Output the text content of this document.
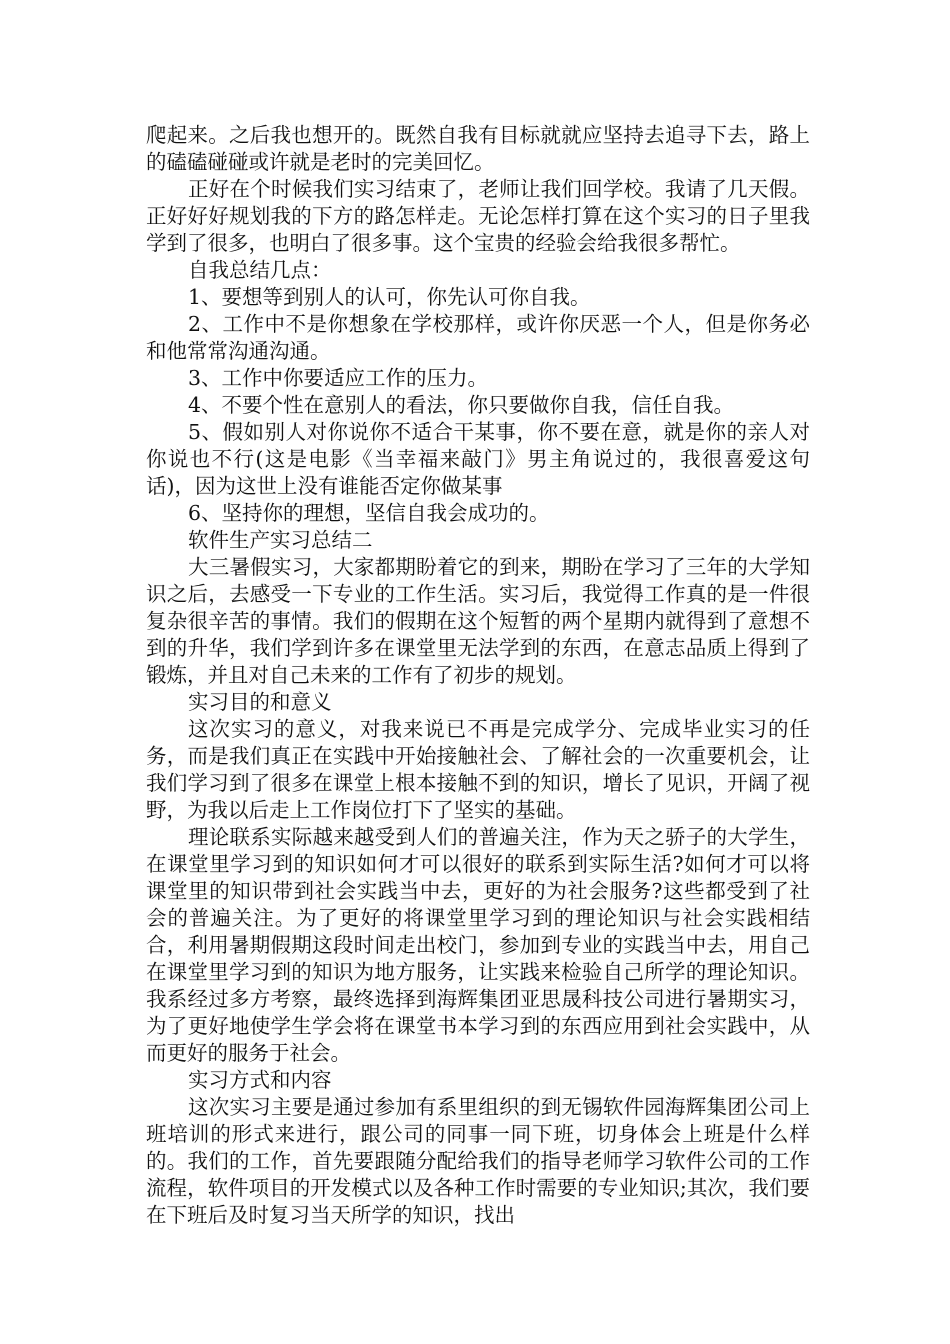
爬起来。之后我也想开的。既然自我有目标就就应坚持去追寻下去，路上的磕磕碰碰或许就是老时的完美回忆。

正好在个时候我们实习结束了，老师让我们回学校。我请了几天假。正好好好规划我的下方的路怎样走。无论怎样打算在这个实习的日子里我学到了很多，也明白了很多事。这个宝贵的经验会给我很多帮忙。

自我总结几点：

1、要想等到别人的认可，你先认可你自我。

2、工作中不是你想象在学校那样，或许你厌恶一个人，但是你务必和他常常沟通沟通。

3、工作中你要适应工作的压力。

4、不要个性在意别人的看法，你只要做你自我，信任自我。

5、假如别人对你说你不适合干某事，你不要在意，就是你的亲人对你说也不行(这是电影《当幸福来敲门》男主角说过的，我很喜爱这句话)，因为这世上没有谁能否定你做某事

6、坚持你的理想，坚信自我会成功的。

软件生产实习总结二

大三暑假实习，大家都期盼着它的到来，期盼在学习了三年的大学知识之后，去感受一下专业的工作生活。实习后，我觉得工作真的是一件很复杂很辛苦的事情。我们的假期在这个短暂的两个星期内就得到了意想不到的升华，我们学到许多在课堂里无法学到的东西，在意志品质上得到了锻炼，并且对自己未来的工作有了初步的规划。

实习目的和意义

这次实习的意义，对我来说已不再是完成学分、完成毕业实习的任务，而是我们真正在实践中开始接触社会、了解社会的一次重要机会，让我们学习到了很多在课堂上根本接触不到的知识，增长了见识，开阔了视野，为我以后走上工作岗位打下了坚实的基础。

理论联系实际越来越受到人们的普遍关注，作为天之骄子的大学生，在课堂里学习到的知识如何才可以很好的联系到实际生活?如何才可以将课堂里的知识带到社会实践当中去，更好的为社会服务?这些都受到了社会的普遍关注。为了更好的将课堂里学习到的理论知识与社会实践相结合，利用暑期假期这段时间走出校门，参加到专业的实践当中去，用自己在课堂里学习到的知识为地方服务，让实践来检验自己所学的理论知识。我系经过多方考察，最终选择到海辉集团亚思晟科技公司进行暑期实习，为了更好地使学生学会将在课堂书本学习到的东西应用到社会实践中，从而更好的服务于社会。

实习方式和内容

这次实习主要是通过参加有系里组织的到无锡软件园海辉集团公司上班培训的形式来进行，跟公司的同事一同下班，切身体会上班是什么样的。我们的工作，首先要跟随分配给我们的指导老师学习软件公司的工作流程，软件项目的开发模式以及各种工作时需要的专业知识;其次，我们要在下班后及时复习当天所学的知识，找出
